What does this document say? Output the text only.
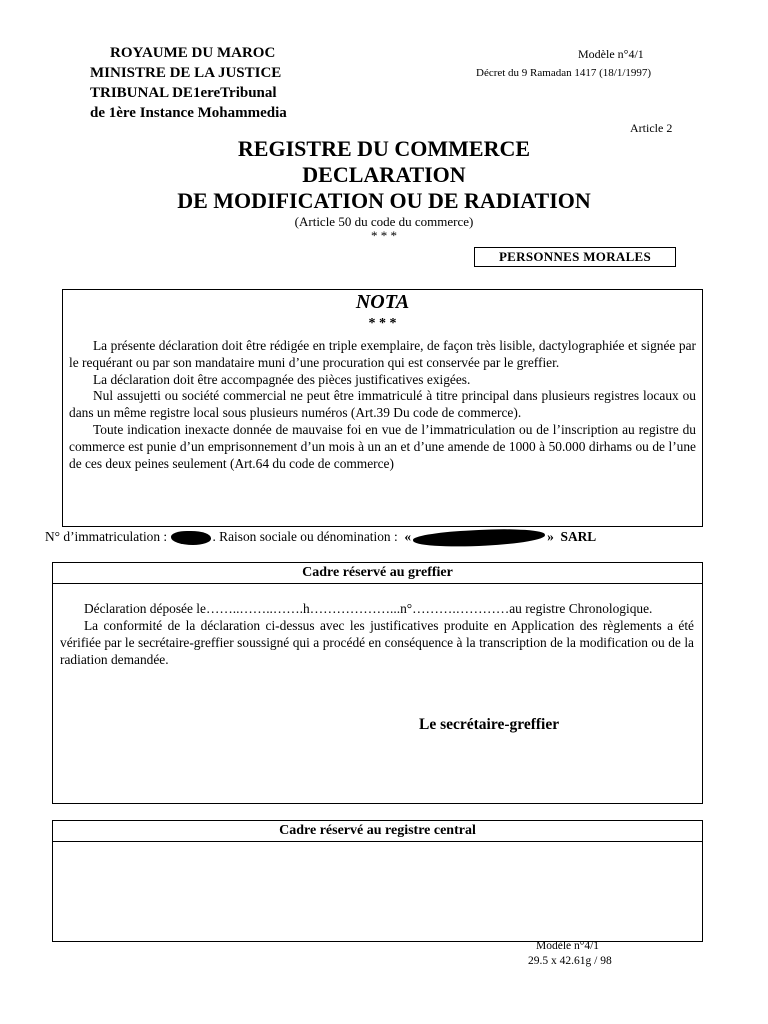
ROYAUME DU MAROC
MINISTRE DE LA JUSTICE
TRIBUNAL DE1ereTribunal
de 1ère Instance Mohammedia
Modèle n°4/1
Décret du 9 Ramadan 1417 (18/1/1997)
Article 2
REGISTRE DU COMMERCE
DECLARATION
DE MODIFICATION OU DE RADIATION
(Article 50 du code du commerce)
* * *
PERSONNES MORALES
NOTA
* * *

La présente déclaration doit être rédigée en triple exemplaire, de façon très lisible, dactylographiée et signée par le requérant ou par son mandataire muni d’une procuration qui est conservée par le greffier.

La déclaration doit être accompagnée des pièces justificatives exigées.

Nul assujetti ou société commercial ne peut être immatriculé à titre principal dans plusieurs registres locaux ou dans un même registre local sous plusieurs numéros (Art.39 Du code de commerce).

Toute indication inexacte donnée de mauvaise foi en vue de l’immatriculation ou de l’inscription au registre du commerce est punie d’un emprisonnement d’un mois à un an et d’une amende de 1000 à 50.000 dirhams ou de l’une de ces deux peines seulement (Art.64 du code de commerce)

N° d’immatriculation :	. Raison sociale ou dénomination : «	» SARL
Cadre réservé au greffier

Déclaration déposée le……..……..…….h………………...n°……….…………au registre Chronologique.

La conformité de la déclaration ci-dessus avec les justificatives produite en Application des règlements a été vérifiée par le secrétaire-greffier soussigné qui a procédé en conséquence à la transcription de la modification ou de la radiation demandée.

Le secrétaire-greffier
Cadre réservé au registre central
Modèle n°4/1
29.5 x 42.61g / 98
